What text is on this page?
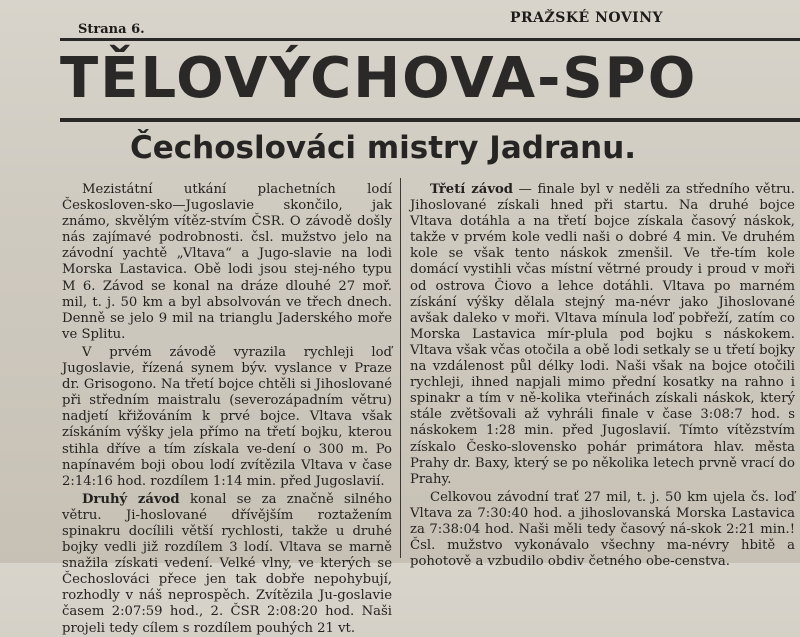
Strana 6.
PRAŽSKÉ NOVINY
TĚLOVÝCHOVA-SPO
Čechoslováci mistry Jadranu.

Mezistátní utkání plachetních lodí Českosloven-sko—Jugoslavie skončilo, jak známo, skvělým vítěz-stvím ČSR. O závodě došly nás zajímavé podrobnosti. čsl. mužstvo jelo na závodní yachtě „Vltava“ a Jugo-slavie na lodi Morska Lastavica. Obě lodi jsou stej-ného typu M 6. Závod se konal na dráze dlouhé 27 moř. mil, t. j. 50 km a byl absolvován ve třech dnech. Denně se jelo 9 mil na trianglu Jaderského moře ve Splitu.

V prvém závodě vyrazila rychleji loď Jugoslavie, řízená synem býv. vyslance v Praze dr. Grisogono. Na třetí bojce chtěli si Jihoslované při středním maistralu (severozápadním větru) nadjetí křižováním k prvé bojce. Vltava však získáním výšky jela přímo na třetí bojku, kterou stihla dříve a tím získala ve-dení o 300 m. Po napínavém boji obou lodí zvítězila Vltava v čase 2:14:16 hod. rozdílem 1:14 min. před Jugoslavií.

Druhý závod konal se za značně silného větru. Ji-hoslované dřívějším roztažením spinakru docílili větší rychlosti, takže u druhé bojky vedli již rozdílem 3 lodí. Vltava se marně snažila získati vedení. Velké vlny, ve kterých se Čechoslováci přece jen tak dobře nepohybují, rozhodly v náš neprospěch. Zvítězila Ju-goslavie časem 2:07:59 hod., 2. ČSR 2:08:20 hod. Naši projeli tedy cílem s rozdílem pouhých 21 vt.

Třetí závod — finale byl v neděli za středního větru. Jihoslované získali hned při startu. Na druhé bojce Vltava dotáhla a na třetí bojce získala časový náskok, takže v prvém kole vedli naši o dobré 4 min. Ve druhém kole se však tento náskok zmenšil. Ve tře-tím kole domácí vystihli včas místní větrné proudy i proud v moři od ostrova Čiovo a lehce dotáhli. Vltava po marném získání výšky dělala stejný ma-névr jako Jihoslované avšak daleko v moři. Vltava mínula loď pobřeží, zatím co Morska Lastavica mír-plula pod bojku s náskokem. Vltava však včas otočila a obě lodi setkaly se u třetí bojky na vzdálenost půl délky lodi. Naši však na bojce otočili rychleji, ihned napjali mimo přední kosatky na rahno i spinakr a tím v ně-kolika vteřinách získali náskok, který stále zvětšovali až vyhráli finale v čase 3:08:7 hod. s náskokem 1:28 min. před Jugoslavií. Tímto vítězstvím získalo Česko-slovensko pohár primátora hlav. města Prahy dr. Baxy, který se po několika letech prvně vrací do Prahy.

Celkovou závodní trať 27 mil, t. j. 50 km ujela čs. loď Vltava za 7:30:40 hod. a jihoslovanská Morska Lastavica za 7:38:04 hod. Naši měli tedy časový ná-skok 2:21 min.! Čsl. mužstvo vykonávalo všechny ma-névry hbitě a pohotově a vzbudilo obdiv četného obe-censtva.
